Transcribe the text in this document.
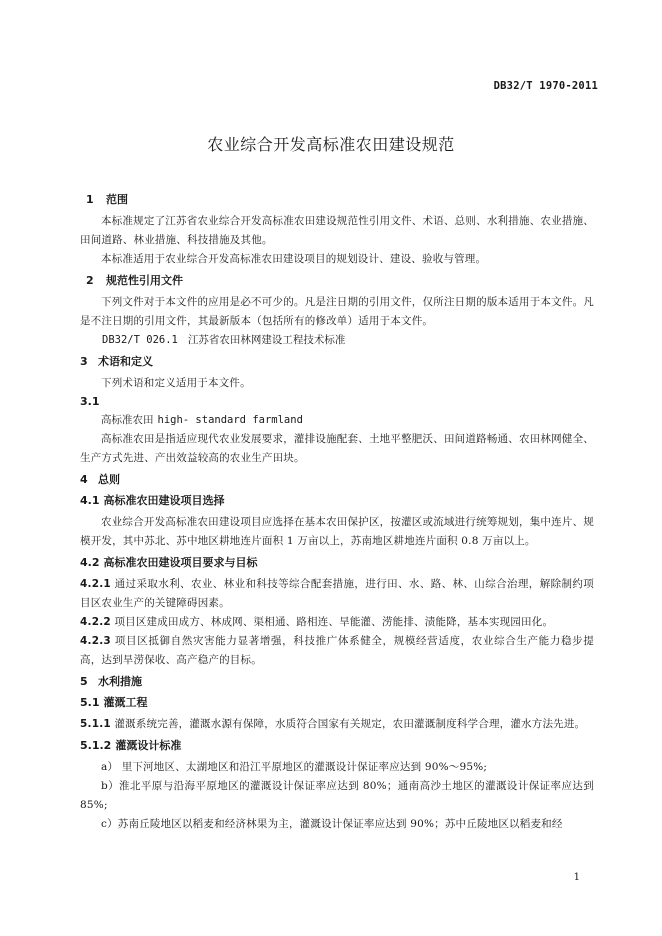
DB32/T 1970-2011
农业综合开发高标准农田建设规范
1 范围

本标准规定了江苏省农业综合开发高标准农田建设规范性引用文件、术语、总则、水利措施、农业措施、田间道路、林业措施、科技措施及其他。

本标准适用于农业综合开发高标准农田建设项目的规划设计、建设、验收与管理。

2 规范性引用文件

下列文件对于本文件的应用是必不可少的。凡是注日期的引用文件，仅所注日期的版本适用于本文件。凡是不注日期的引用文件，其最新版本（包括所有的修改单）适用于本文件。

DB32/T 026.1 江苏省农田林网建设工程技术标准

3 术语和定义

下列术语和定义适用于本文件。

3.1

高标准农田 high- standard farmland

高标准农田是指适应现代农业发展要求，灌排设施配套、土地平整肥沃、田间道路畅通、农田林网健全、生产方式先进、产出效益较高的农业生产田块。

4 总则
4.1 高标准农田建设项目选择

农业综合开发高标准农田建设项目应选择在基本农田保护区，按灌区或流域进行统筹规划，集中连片、规模开发，其中苏北、苏中地区耕地连片面积 1 万亩以上，苏南地区耕地连片面积 0.8 万亩以上。

4.2 高标准农田建设项目要求与目标

4.2.1 通过采取水利、农业、林业和科技等综合配套措施，进行田、水、路、林、山综合治理，解除制约项目区农业生产的关键障碍因素。

4.2.2 项目区建成田成方、林成网、渠相通、路相连、旱能灌、涝能排、渍能降，基本实现园田化。

4.2.3 项目区抵御自然灾害能力显著增强，科技推广体系健全，规模经营适度，农业综合生产能力稳步提高，达到旱涝保收、高产稳产的目标。

5 水利措施
5.1 灌溉工程

5.1.1 灌溉系统完善，灌溉水源有保障，水质符合国家有关规定，农田灌溉制度科学合理，灌水方法先进。

5.1.2 灌溉设计标准

a） 里下河地区、太湖地区和沿江平原地区的灌溉设计保证率应达到 90%～95%;

b）淮北平原与沿海平原地区的灌溉设计保证率应达到 80%；通南高沙土地区的灌溉设计保证率应达到 85%;

c）苏南丘陵地区以稻麦和经济林果为主，灌溉设计保证率应达到 90%；苏中丘陵地区以稻麦和经

1
